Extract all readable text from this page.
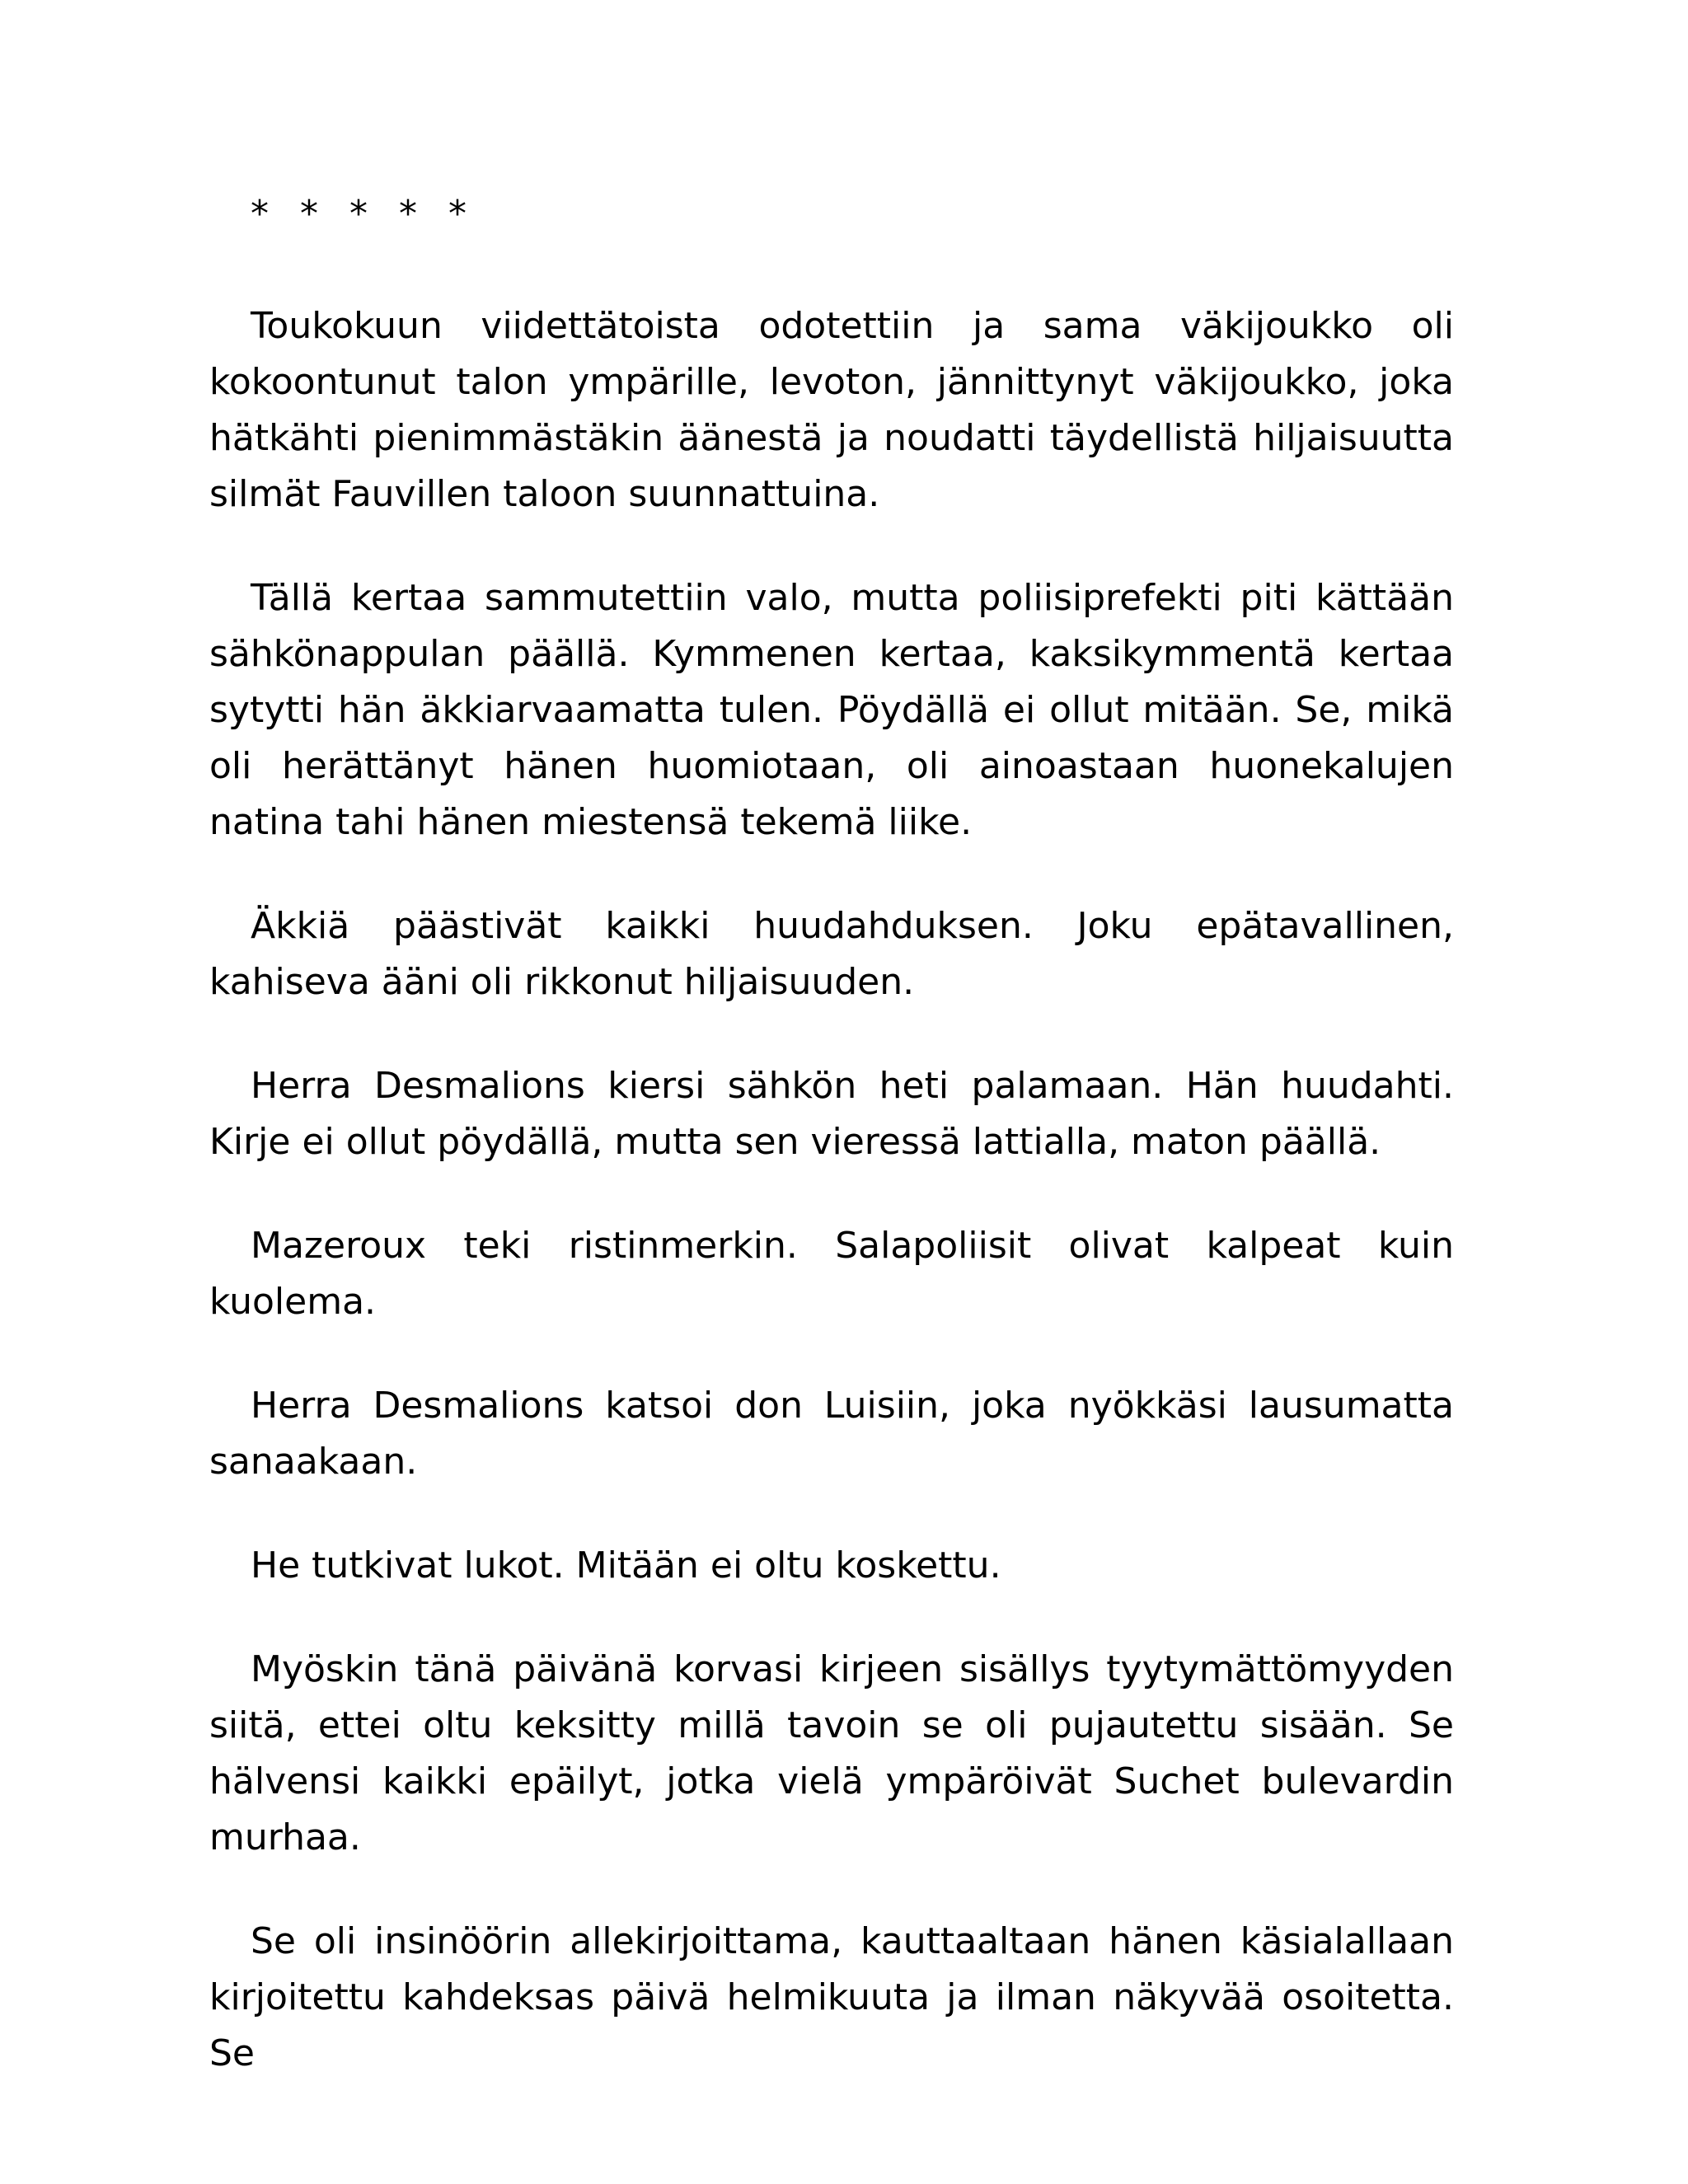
* * * * *

Toukokuun viidettätoista odotettiin ja sama väkijoukko oli kokoontunut talon ympärille, levoton, jännittynyt väkijoukko, joka hätkähti pienimmästäkin äänestä ja noudatti täydellistä hiljaisuutta silmät Fauvillen taloon suunnattuina.

Tällä kertaa sammutettiin valo, mutta poliisiprefekti piti kättään sähkönappulan päällä. Kymmenen kertaa, kaksikymmentä kertaa sytytti hän äkkiarvaamatta tulen. Pöydällä ei ollut mitään. Se, mikä oli herättänyt hänen huomiotaan, oli ainoastaan huonekalujen natina tahi hänen miestensä tekemä liike.

Äkkiä päästivät kaikki huudahduksen. Joku epätavallinen, kahiseva ääni oli rikkonut hiljaisuuden.

Herra Desmalions kiersi sähkön heti palamaan. Hän huudahti. Kirje ei ollut pöydällä, mutta sen vieressä lattialla, maton päällä.

Mazeroux teki ristinmerkin. Salapoliisit olivat kalpeat kuin kuolema.

Herra Desmalions katsoi don Luisiin, joka nyökkäsi lausumatta sanaakaan.

He tutkivat lukot. Mitään ei oltu koskettu.

Myöskin tänä päivänä korvasi kirjeen sisällys tyytymättömyyden siitä, ettei oltu keksitty millä tavoin se oli pujautettu sisään. Se hälvensi kaikki epäilyt, jotka vielä ympäröivät Suchet bulevardin murhaa.

Se oli insinöörin allekirjoittama, kauttaaltaan hänen käsialallaan kirjoitettu kahdeksas päivä helmikuuta ja ilman näkyvää osoitetta. Se
